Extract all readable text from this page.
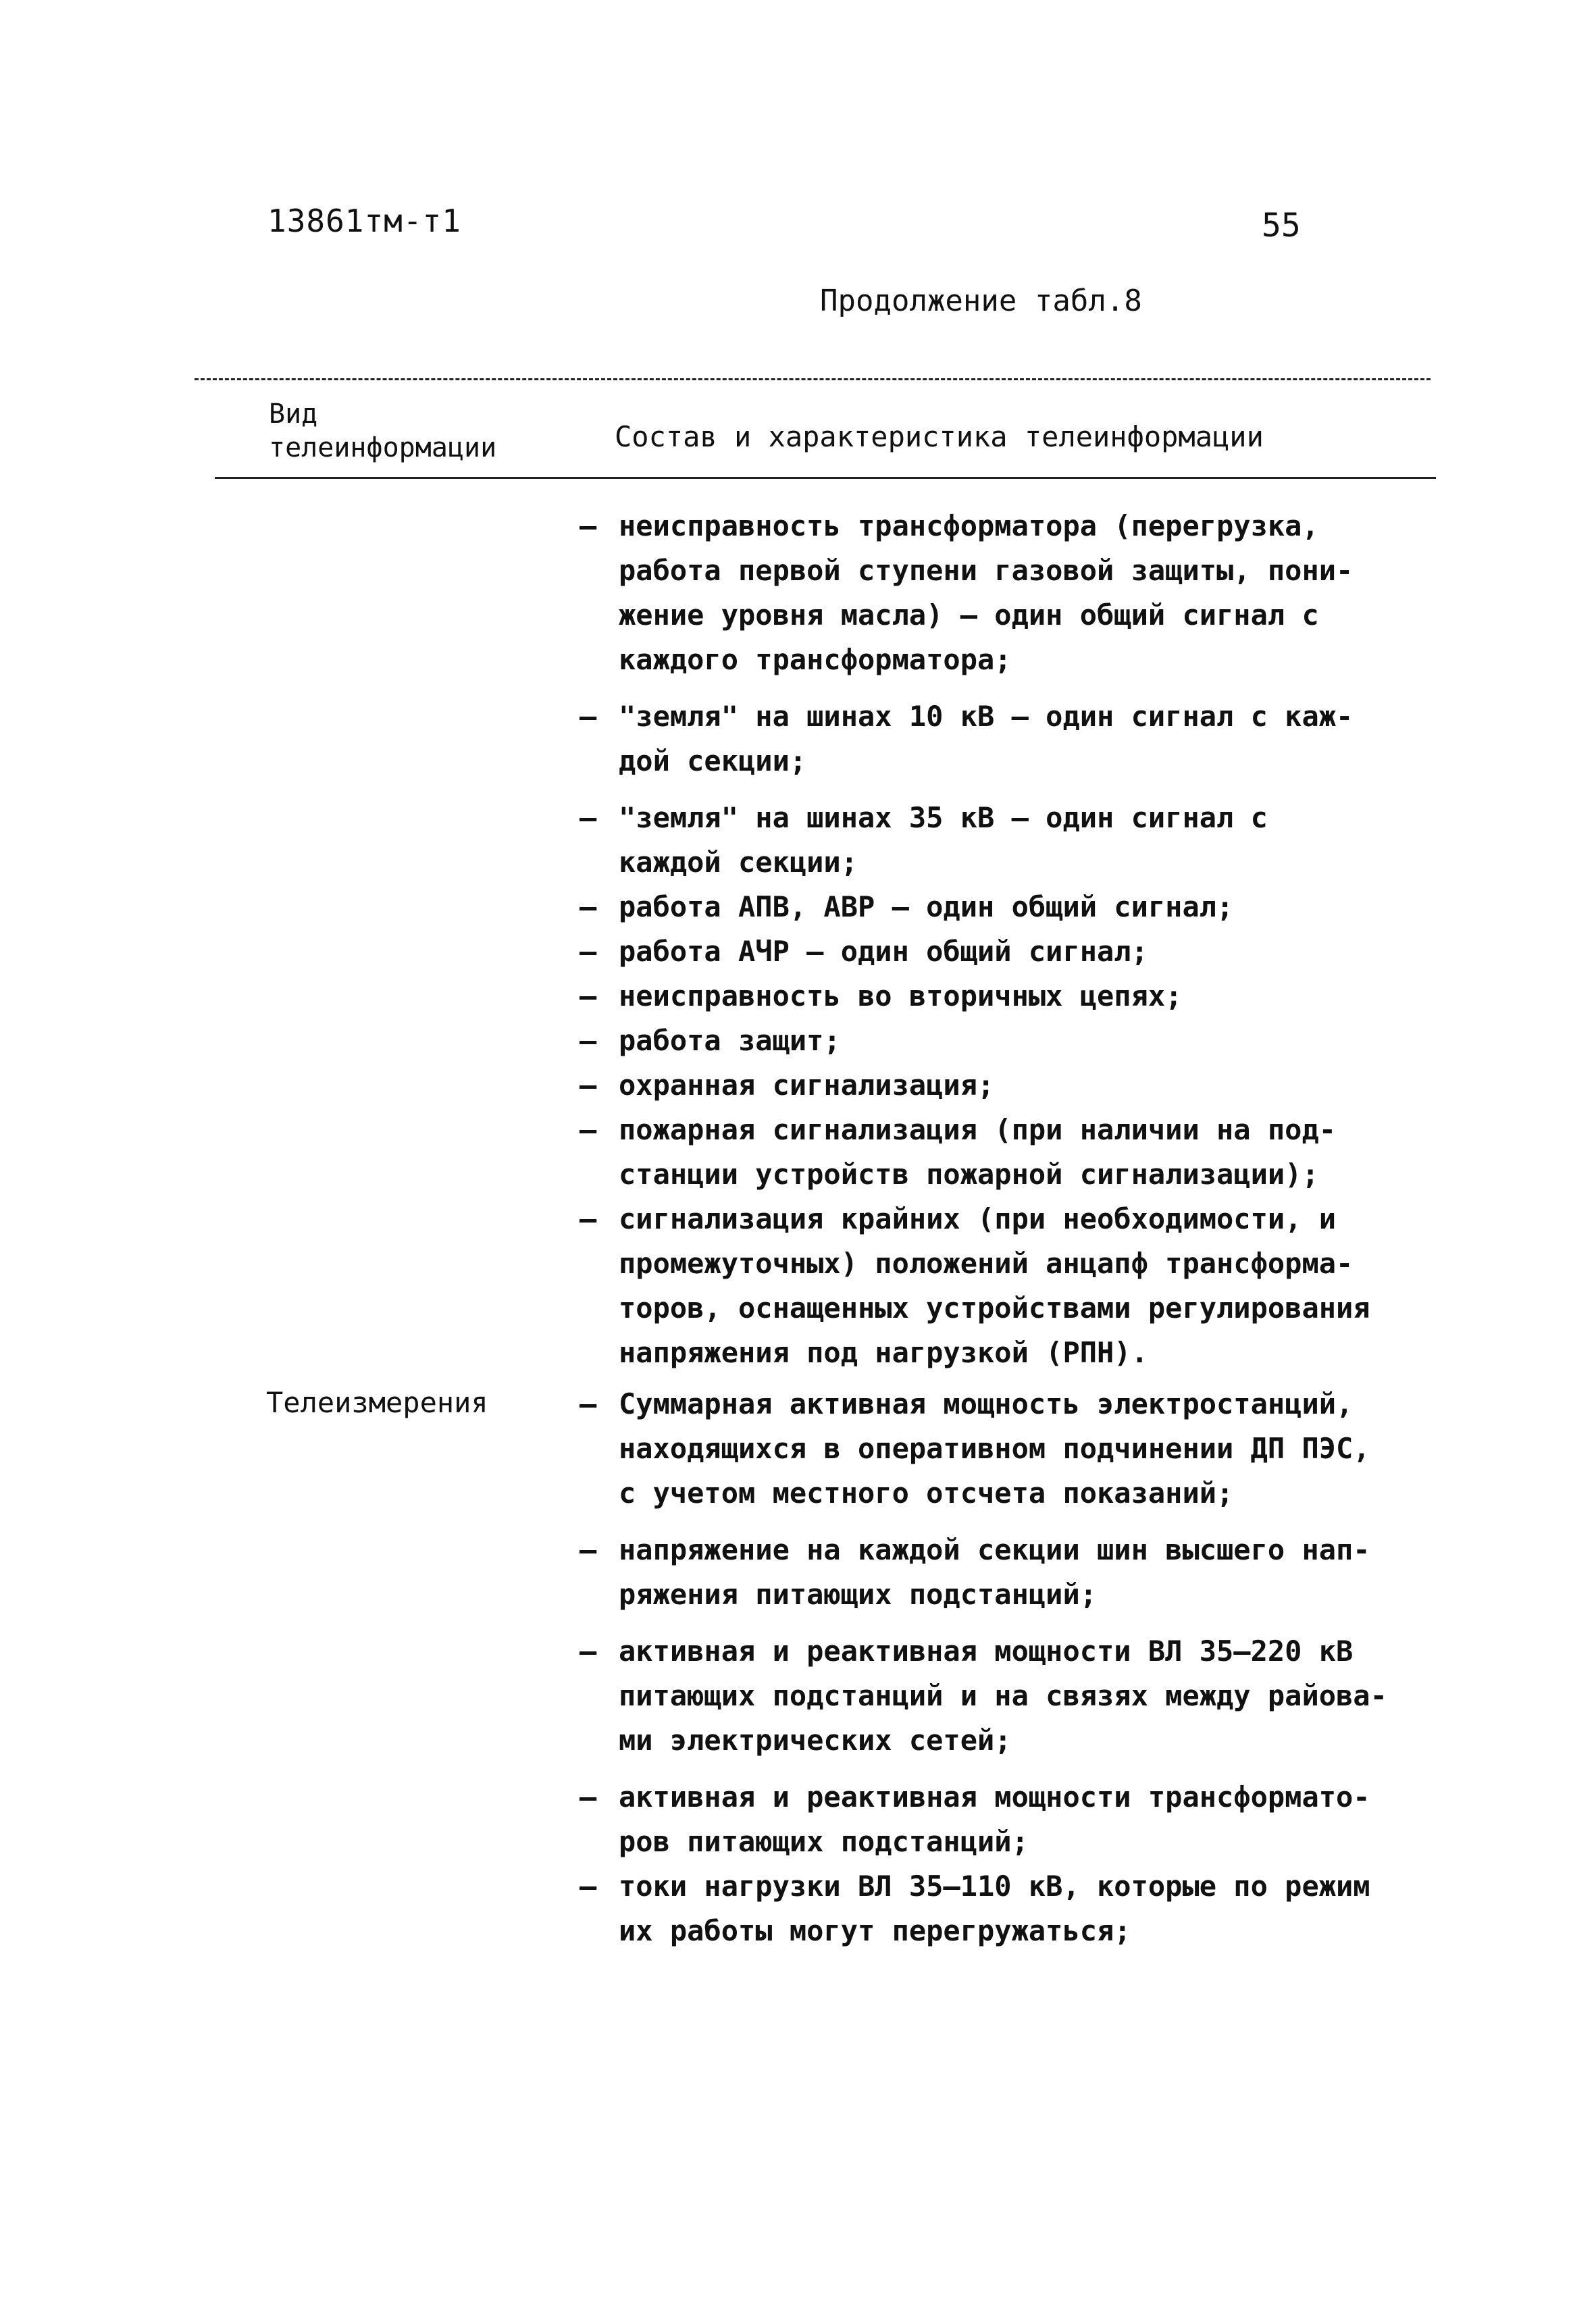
13861тм-т1	55
Продолжение табл.8
Вид
телеинформации	Состав и характеристика телеинформации
– неисправность трансформатора (перегрузка,
работа первой ступени газовой защиты, пони-
жение уровня масла) – один общий сигнал с
каждого трансформатора;
– "земля" на шинах 10 кВ – один сигнал с каж-
дой секции;
– "земля" на шинах 35 кВ – один сигнал с
каждой секции;
– работа АПВ, АВР – один общий сигнал;
– работа АЧР – один общий сигнал;
– неисправность во вторичных цепях;
– работа защит;
– охранная сигнализация;
– пожарная сигнализация (при наличии на под-
станции устройств пожарной сигнализации);
– сигнализация крайних (при необходимости, и
промежуточных) положений анцапф трансформа-
торов, оснащенных устройствами регулирования
напряжения под нагрузкой (РПН).
Телеизмерения	– Суммарная активная мощность электростанций,
находящихся в оперативном подчинении ДП ПЭС,
с учетом местного отсчета показаний;
– напряжение на каждой секции шин высшего нап-
ряжения питающих подстанций;
– активная и реактивная мощности ВЛ 35–220 кВ
питающих подстанций и на связях между райова-
ми электрических сетей;
– активная и реактивная мощности трансформато-
ров питающих подстанций;
– токи нагрузки ВЛ 35–110 кВ, которые по режим
их работы могут перегружаться;
